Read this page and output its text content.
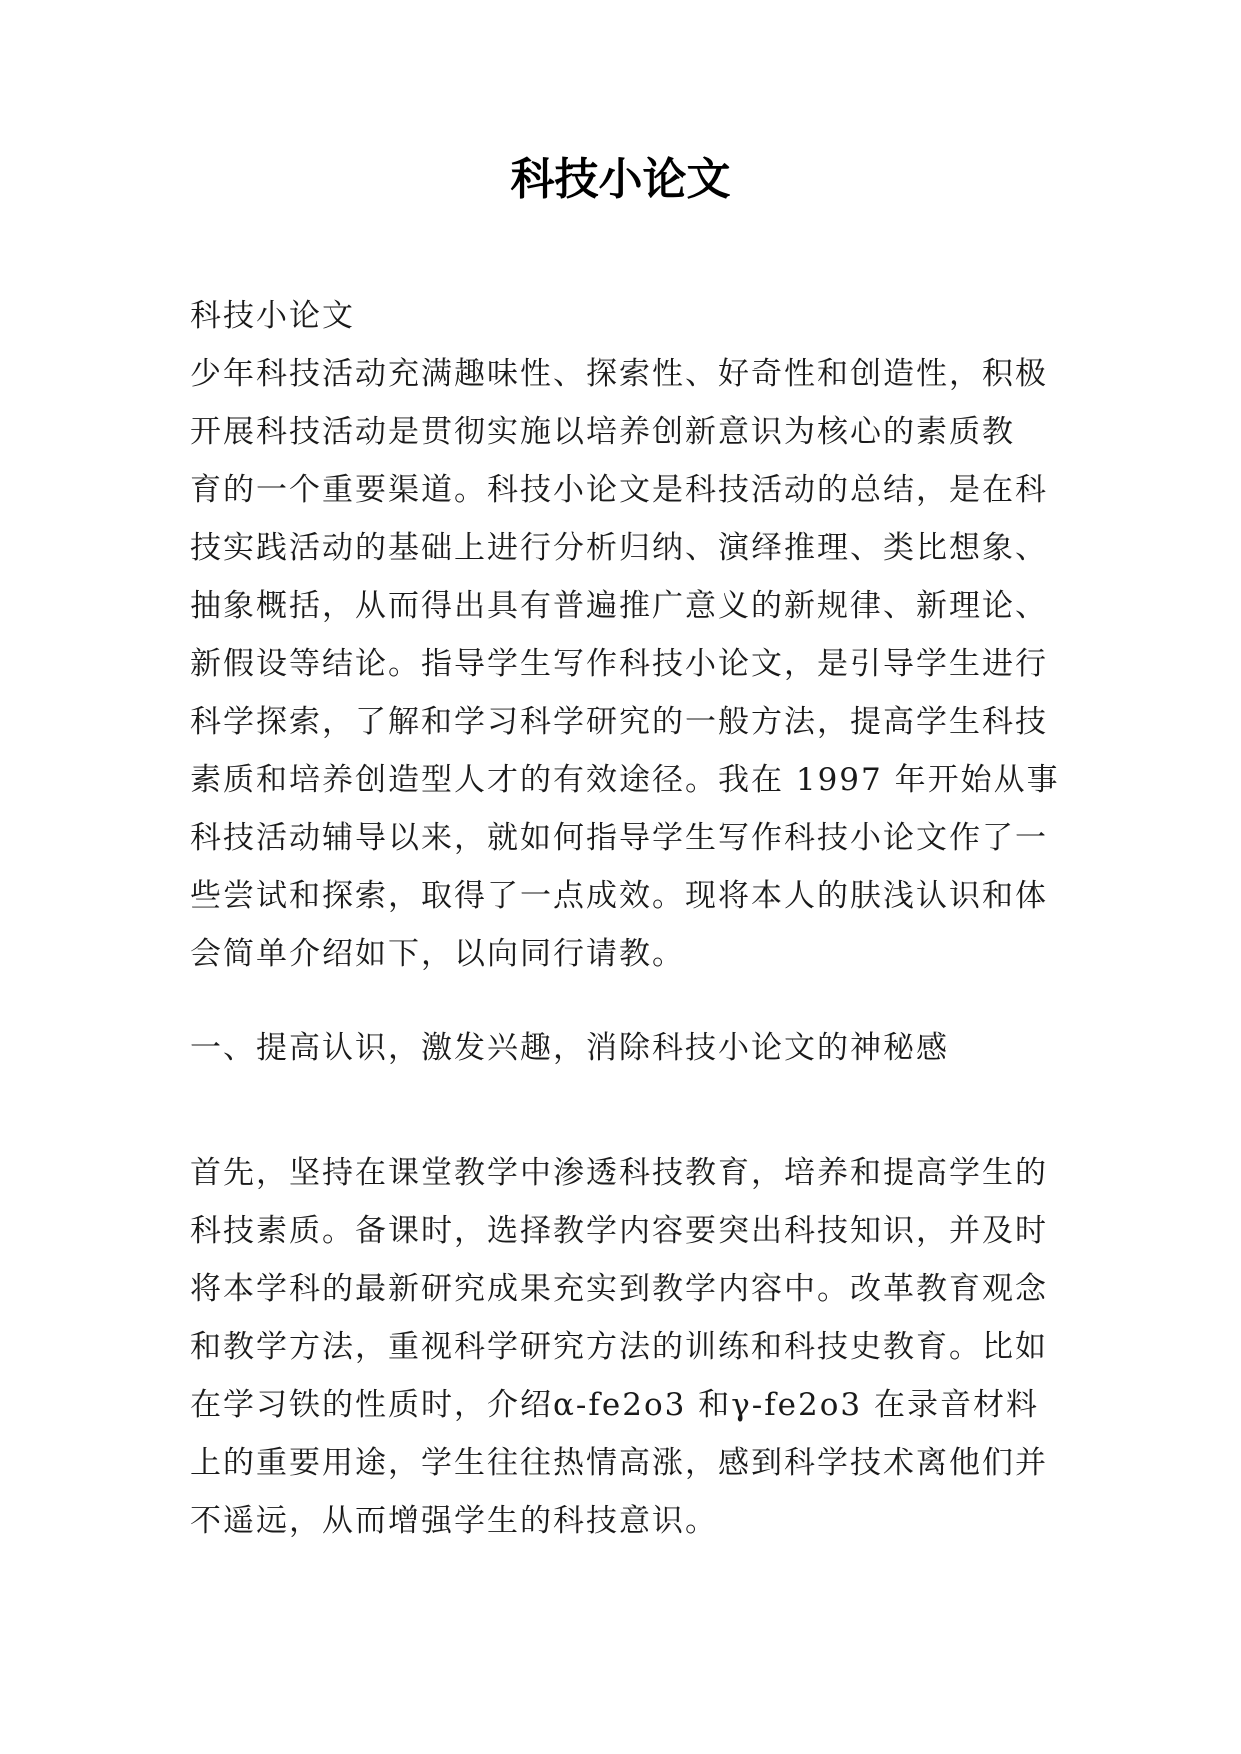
科技小论文
科技小论文
少年科技活动充满趣味性、探索性、好奇性和创造性，积极
开展科技活动是贯彻实施以培养创新意识为核心的素质教
育的一个重要渠道。科技小论文是科技活动的总结，是在科
技实践活动的基础上进行分析归纳、演绎推理、类比想象、
抽象概括，从而得出具有普遍推广意义的新规律、新理论、
新假设等结论。指导学生写作科技小论文，是引导学生进行
科学探索，了解和学习科学研究的一般方法，提高学生科技
素质和培养创造型人才的有效途径。我在 1997 年开始从事
科技活动辅导以来，就如何指导学生写作科技小论文作了一
些尝试和探索，取得了一点成效。现将本人的肤浅认识和体
会简单介绍如下，以向同行请教。
一、提高认识，激发兴趣，消除科技小论文的神秘感
首先，坚持在课堂教学中渗透科技教育，培养和提高学生的
科技素质。备课时，选择教学内容要突出科技知识，并及时
将本学科的最新研究成果充实到教学内容中。改革教育观念
和教学方法，重视科学研究方法的训练和科技史教育。比如
在学习铁的性质时，介绍α-fe2o3 和γ-fe2o3 在录音材料
上的重要用途，学生往往热情高涨，感到科学技术离他们并
不遥远，从而增强学生的科技意识。
